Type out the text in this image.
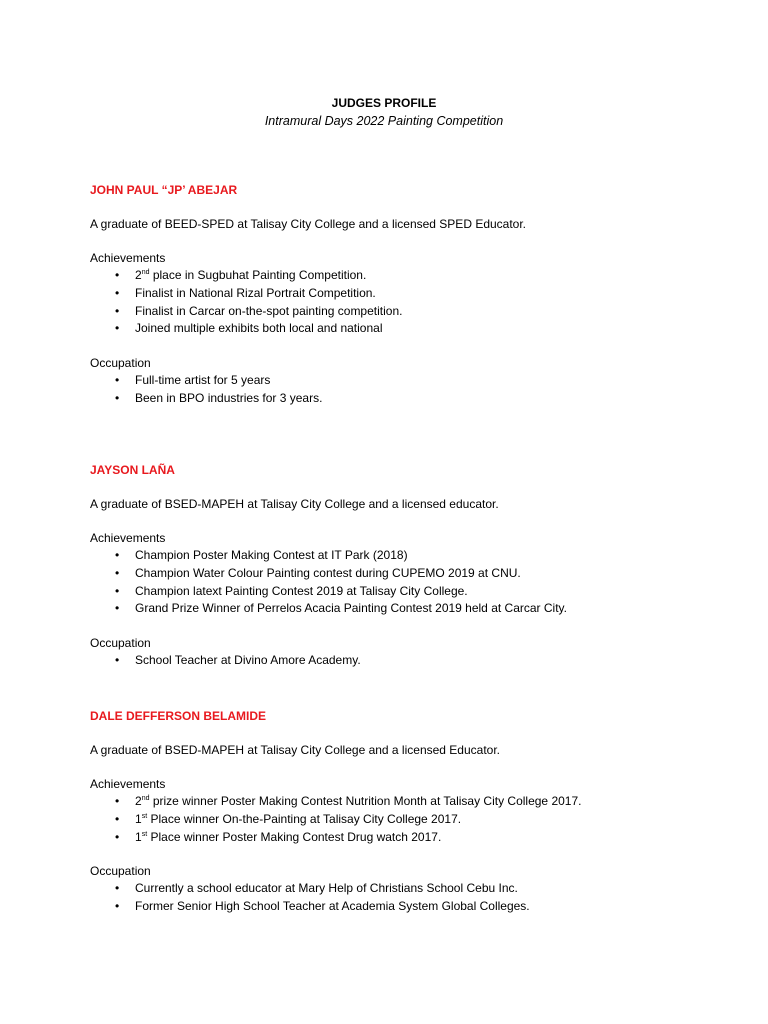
JUDGES PROFILE
Intramural Days 2022 Painting Competition
JOHN PAUL “JP’ ABEJAR
A graduate of BEED-SPED at Talisay City College and a licensed SPED Educator.
Achievements
• 2nd place in Sugbuhat Painting Competition.
• Finalist in National Rizal Portrait Competition.
• Finalist in Carcar on-the-spot painting competition.
• Joined multiple exhibits both local and national
Occupation
• Full-time artist for 5 years
• Been in BPO industries for 3 years.
JAYSON LAÑA
A graduate of BSED-MAPEH at Talisay City College and a licensed educator.
Achievements
• Champion Poster Making Contest at IT Park (2018)
• Champion Water Colour Painting contest during CUPEMO 2019 at CNU.
• Champion latext Painting Contest 2019 at Talisay City College.
• Grand Prize Winner of Perrelos Acacia Painting Contest 2019 held at Carcar City.
Occupation
• School Teacher at Divino Amore Academy.
DALE DEFFERSON BELAMIDE
A graduate of BSED-MAPEH at Talisay City College and a licensed Educator.
Achievements
• 2nd prize winner Poster Making Contest Nutrition Month at Talisay City College 2017.
• 1st Place winner On-the-Painting at Talisay City College 2017.
• 1st Place winner Poster Making Contest Drug watch 2017.
Occupation
• Currently a school educator at Mary Help of Christians School Cebu Inc.
• Former Senior High School Teacher at Academia System Global Colleges.
